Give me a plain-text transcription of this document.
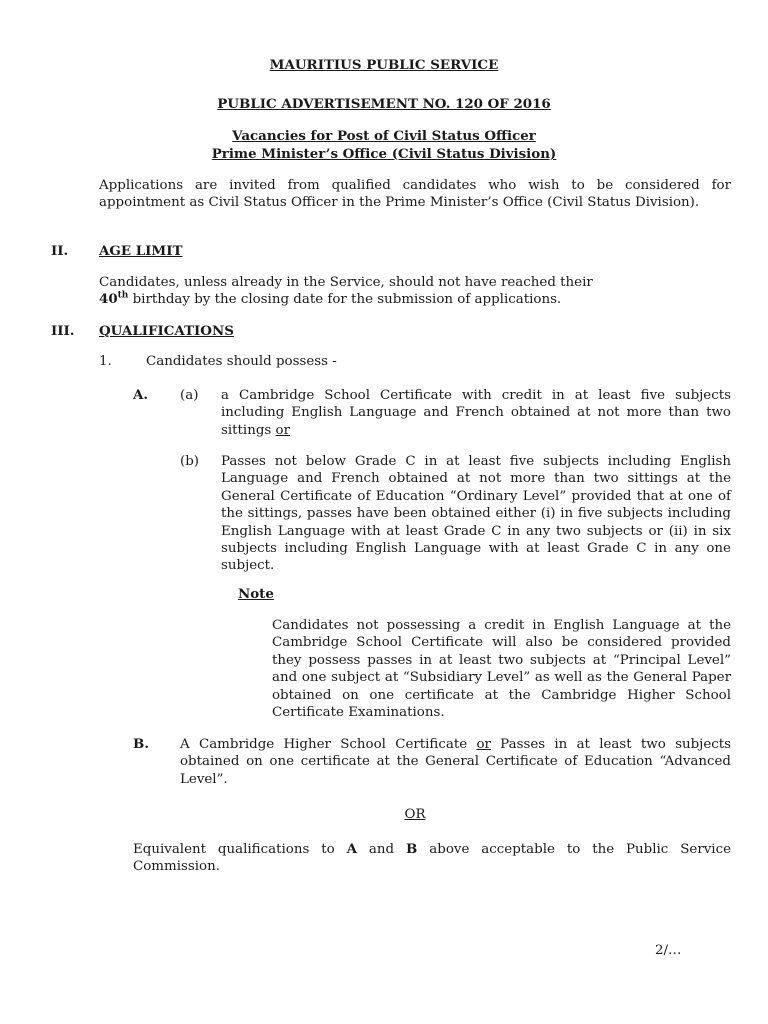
MAURITIUS PUBLIC SERVICE
PUBLIC ADVERTISEMENT NO. 120 OF 2016
Vacancies for Post of Civil Status Officer
Prime Minister’s Office (Civil Status Division)
Applications are invited from qualified candidates who wish to be considered for appointment as Civil Status Officer in the Prime Minister’s Office (Civil Status Division).
II. AGE LIMIT
Candidates, unless already in the Service, should not have reached their
40th birthday by the closing date for the submission of applications.
III. QUALIFICATIONS
1.	Candidates should possess -
A. (a) a Cambridge School Certificate with credit in at least five subjects including English Language and French obtained at not more than two sittings or
(b) Passes not below Grade C in at least five subjects including English Language and French obtained at not more than two sittings at the General Certificate of Education “Ordinary Level” provided that at one of the sittings, passes have been obtained either (i) in five subjects including English Language with at least Grade C in any two subjects or (ii) in six subjects including English Language with at least Grade C in any one subject.
Note
Candidates not possessing a credit in English Language at the Cambridge School Certificate will also be considered provided they possess passes in at least two subjects at “Principal Level” and one subject at “Subsidiary Level” as well as the General Paper obtained on one certificate at the Cambridge Higher School Certificate Examinations.
B. A Cambridge Higher School Certificate or Passes in at least two subjects obtained on one certificate at the General Certificate of Education “Advanced Level”.
OR
Equivalent qualifications to A and B above acceptable to the Public Service Commission.
2/…
